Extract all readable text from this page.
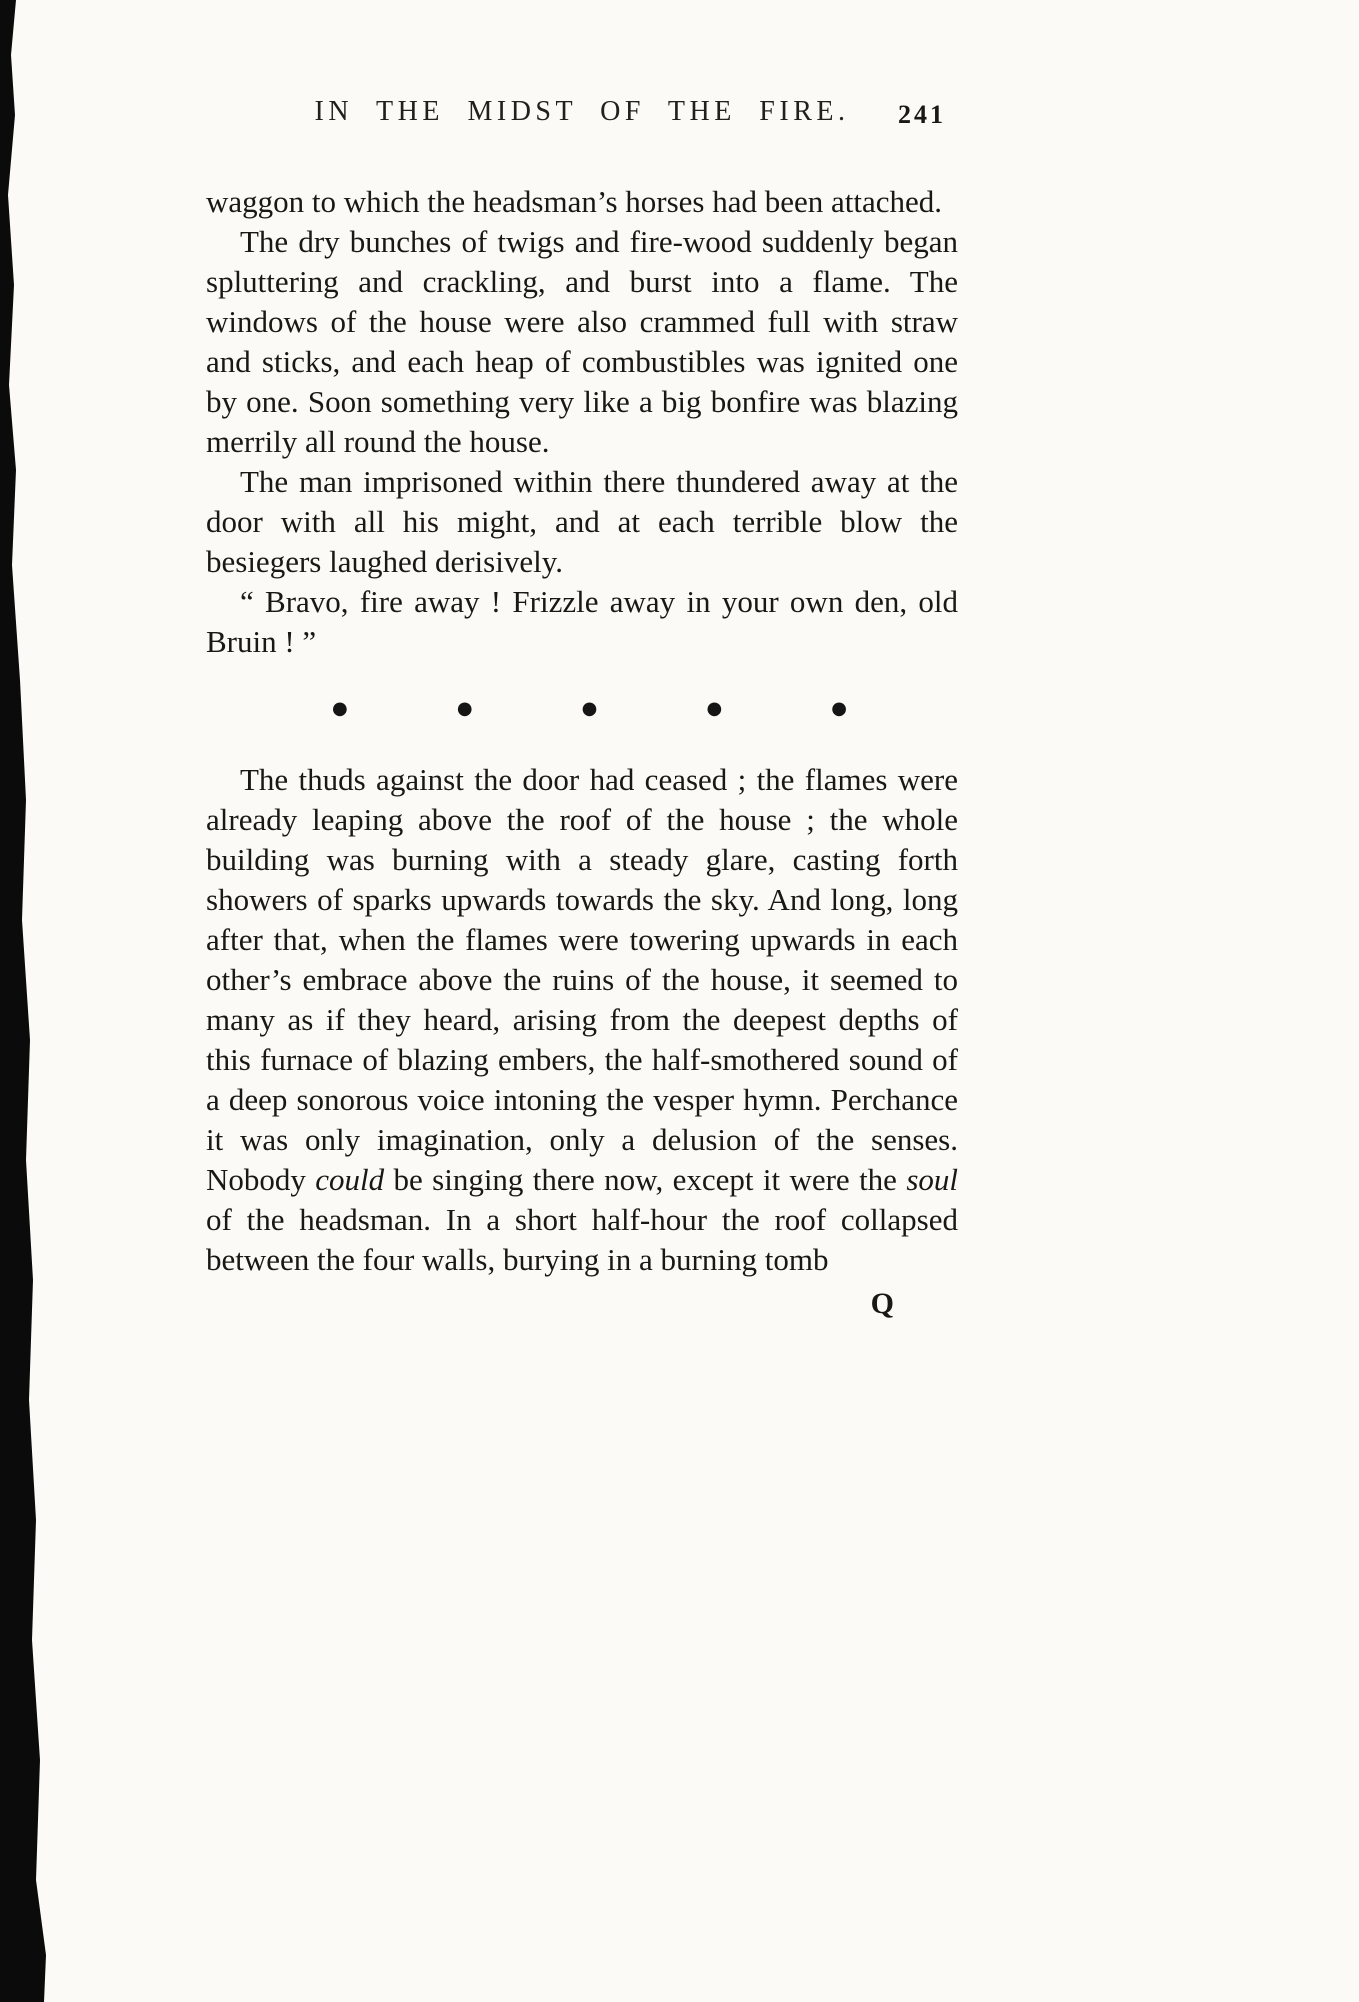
IN THE MIDST OF THE FIRE.	241

waggon to which the headsman’s horses had been attached.

The dry bunches of twigs and fire-wood suddenly began spluttering and crackling, and burst into a flame. The windows of the house were also crammed full with straw and sticks, and each heap of combustibles was ignited one by one. Soon something very like a big bonfire was blazing merrily all round the house.

The man imprisoned within there thundered away at the door with all his might, and at each terrible blow the besiegers laughed derisively.

“ Bravo, fire away ! Frizzle away in your own den, old Bruin ! ”

●	●	●	●	●

The thuds against the door had ceased ; the flames were already leaping above the roof of the house ; the whole building was burning with a steady glare, casting forth showers of sparks upwards towards the sky. And long, long after that, when the flames were towering upwards in each other’s embrace above the ruins of the house, it seemed to many as if they heard, arising from the deepest depths of this furnace of blazing embers, the half-smothered sound of a deep sonorous voice intoning the vesper hymn. Perchance it was only imagination, only a delusion of the senses. Nobody could be singing there now, except it were the soul of the headsman. In a short half-hour the roof collapsed between the four walls, burying in a burning tomb

Q
